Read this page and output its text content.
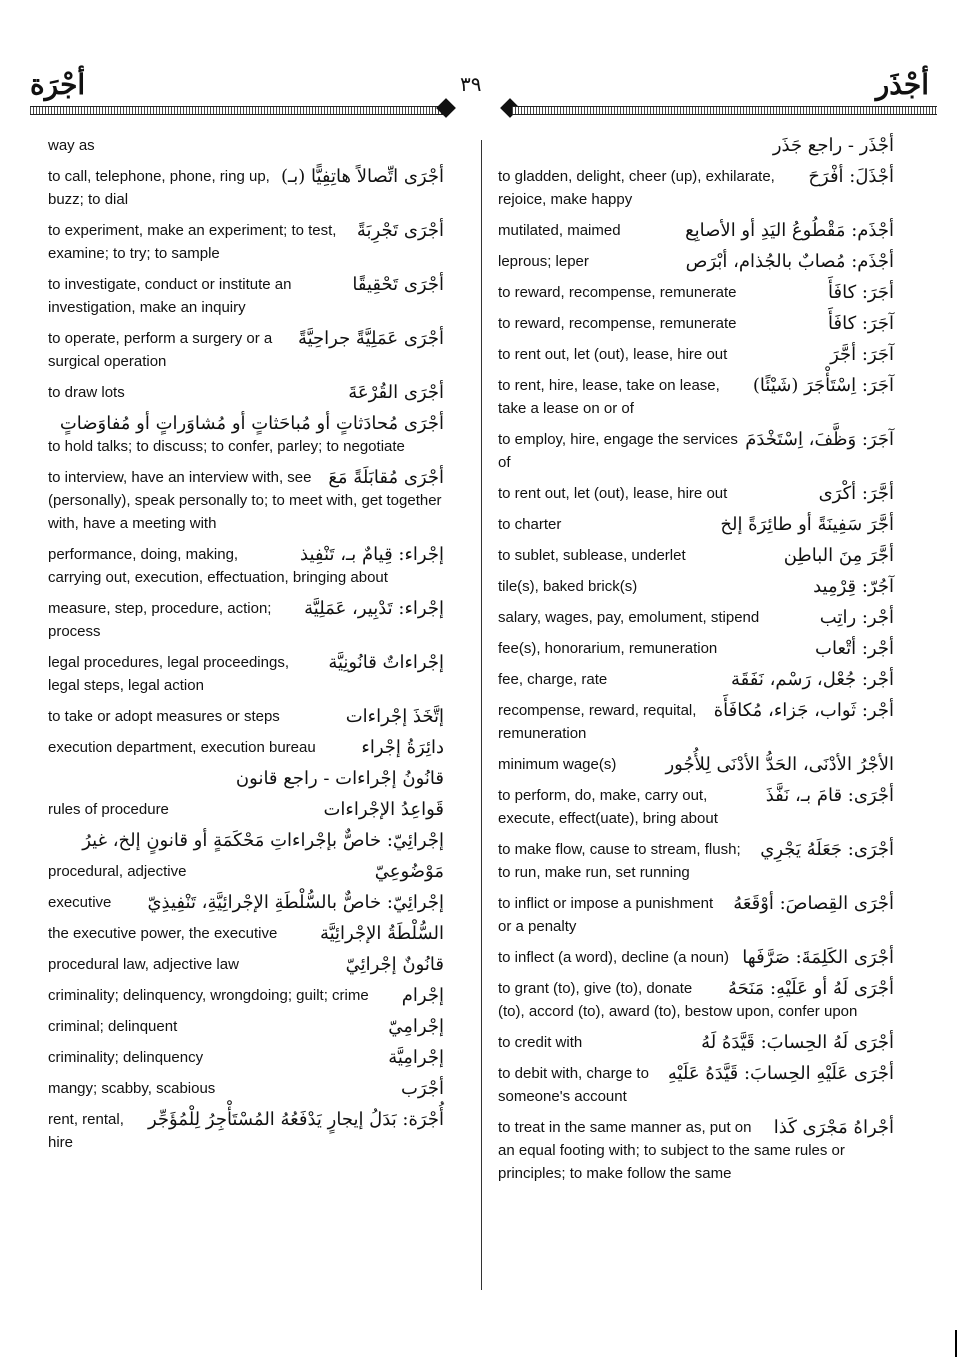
أجْرَة	٣٩	أجْذَر
way as
أجْرَى اتِّصالاً هاتِفِيًّا (بـ)
to call, telephone, phone, ring up, buzz; to dial
أجْرَى تَجْرِبَةً
to experiment, make an experiment; to test, examine; to try; to sample
أجْرَى تَحْقِيقًا
to investigate, conduct or institute an investigation, make an inquiry
أجْرَى عَمَلِيَّةً جراحِيَّةً
to operate, perform a surgery or a surgical operation
أجْرَى القُرْعَةَ
to draw lots
أجْرَى مُحادَثاتٍ أو مُباحَثاتٍ أو مُشاوَراتٍ أو مُفاوَضاتٍ
to hold talks; to discuss; to confer, parley; to negotiate
أجْرَى مُقابَلَةً مَعَ
to interview, have an interview with, see (personally), speak personally to; to meet with, get together with, have a meeting with
إجْراء: قِيامٌ بـ، تَنْفِيذ
performance, doing, making, carrying out, execution, effectuation, bringing about
إجْراء: تَدْبِير، عَمَلِيَّة
measure, step, procedure, action; process
إجْراءاتٌ قانُونِيَّة
legal procedures, legal proceedings, legal steps, legal action
إتَّخَذَ إجْراءات
to take or adopt measures or steps
دائِرَةُ إجْراء
execution department, execution bureau
قانُونُ إجْراءات - راجع قانون
قَواعِدُ الإجْراءات
rules of procedure
إجْرائِيّ: خاصٌّ بإجْراءاتِ مَحْكَمَةٍ أو قانونٍ إلخ، غيرُ
مَوْضُوعِيّ
procedural, adjective
إجْرائِيّ: خاصٌّ بالسُّلْطَةِ الإجْرائِيَّةِ، تَنْفِيذِيّ
executive
السُّلْطَةُ الإجْرائِيَّة
the executive power, the executive
قانُونٌ إجْرائِيّ
procedural law, adjective law
إجْرام
criminality; delinquency, wrongdoing; guilt; crime
إجْرامِيّ
criminal; delinquent
إجْرامِيَّة
criminality; delinquency
أجْرَب
mangy; scabby, scabious
أُجْرَة: بَدَلُ إيجارٍ يَدْفَعُهُ المُسْتَأْجِرُ لِلْمُؤَجِّر
rent, rental, hire
أجْذَر - راجع جَذَر
أجْذَلَ: أفْرَحَ
to gladden, delight, cheer (up), exhilarate, rejoice, make happy
أجْذَم: مَقْطُوعُ اليَدِ أو الأصابِع
mutilated, maimed
أجْذَم: مُصابٌ بالجُذام، أبْرَص
leprous; leper
أجَرَ: كافَأَ
to reward, recompense, remunerate
آجَرَ: كافَأَ
to reward, recompense, remunerate
آجَرَ: أجَّرَ
to rent out, let (out), lease, hire out
آجَرَ: اِسْتَأْجَرَ (شَيْئًا)
to rent, hire, lease, take on lease, take a lease on or of
آجَرَ: وَظَّفَ، اِسْتَخْدَمَ
to employ, hire, engage the services of
أجَّرَ: أكْرَى
to rent out, let (out), lease, hire out
أجَّرَ سَفِينَةً أو طائِرَةً إلخ
to charter
أجَّرَ مِنَ الباطِن
to sublet, sublease, underlet
آجُرّ: قِرْمِيد
tile(s), baked brick(s)
أجْر: راتِب
salary, wages, pay, emolument, stipend
أجْر: أتْعاب
fee(s), honorarium, remuneration
أجْر: جُعْل، رَسْم، نَفَقَة
fee, charge, rate
أجْر: ثَواب، جَزاء، مُكافَأَة
recompense, reward, requital, remuneration
الأجْرُ الأدْنَى، الحَدُّ الأدْنَى لِلأُجُور
minimum wage(s)
أجْرَى: قامَ بـ، نَفَّذَ
to perform, do, make, carry out, execute, effect(uate), bring about
أجْرَى: جَعَلَهُ يَجْرِي
to make flow, cause to stream, flush; to run, make run, set running
أجْرَى القِصاصَ: أوْقَعَهُ
to inflict or impose a punishment or a penalty
أجْرَى الكَلِمَةَ: صَرَّفَها
to inflect (a word), decline (a noun)
أجْرَى لَهُ أو عَلَيْهِ: مَنَحَهُ
to grant (to), give (to), donate (to), accord (to), award (to), bestow upon, confer upon
أجْرَى لَهُ الحِسابَ: قَيَّدَهُ لَهُ
to credit with
أجْرَى عَلَيْهِ الحِسابَ: قَيَّدَهُ عَلَيْهِ
to debit with, charge to someone's account
أجْراهُ مَجْرَى كَذا
to treat in the same manner as, put on an equal footing with; to subject to the same rules or principles; to make follow the same
